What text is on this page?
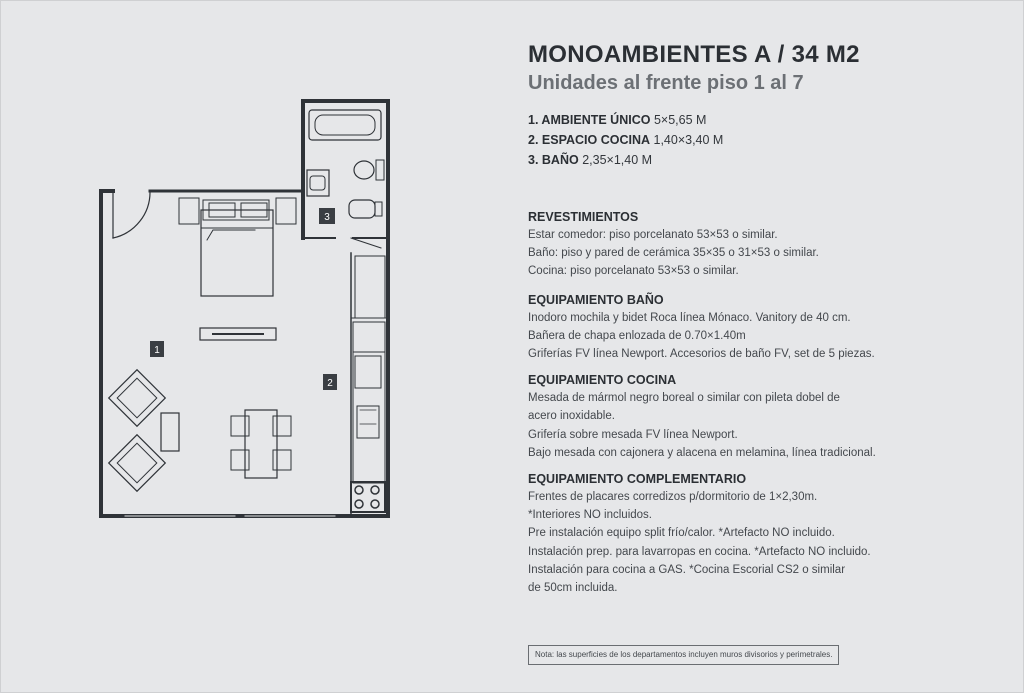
1
2
3
MONOAMBIENTES A / 34 M2
Unidades al frente piso 1 al 7
1. AMBIENTE ÚNICO 5×5,65 M
2. ESPACIO COCINA 1,40×3,40 M
3. BAÑO 2,35×1,40 M
REVESTIMIENTOS
Estar comedor: piso porcelanato 53×53 o similar.
Baño: piso y pared de cerámica 35×35 o 31×53 o similar.
Cocina: piso porcelanato 53×53 o similar.
EQUIPAMIENTO BAÑO
Inodoro mochila y bidet Roca línea Mónaco. Vanitory de 40 cm.
Bañera de chapa enlozada de 0.70×1.40m
Griferías FV línea Newport. Accesorios de baño FV, set de 5 piezas.
EQUIPAMIENTO COCINA
Mesada de mármol negro boreal o similar con pileta dobel de
acero inoxidable.
Grifería sobre mesada FV línea Newport.
Bajo mesada con cajonera y alacena en melamina, línea tradicional.
EQUIPAMIENTO COMPLEMENTARIO
Frentes de placares corredizos p/dormitorio de 1×2,30m.
*Interiores NO incluidos.
Pre instalación equipo split frío/calor. *Artefacto NO incluido.
Instalación prep. para lavarropas en cocina. *Artefacto NO incluido.
Instalación para cocina a GAS. *Cocina Escorial CS2 o similar
de 50cm incluida.
Nota: las superficies de los departamentos incluyen muros divisorios y perimetrales.
